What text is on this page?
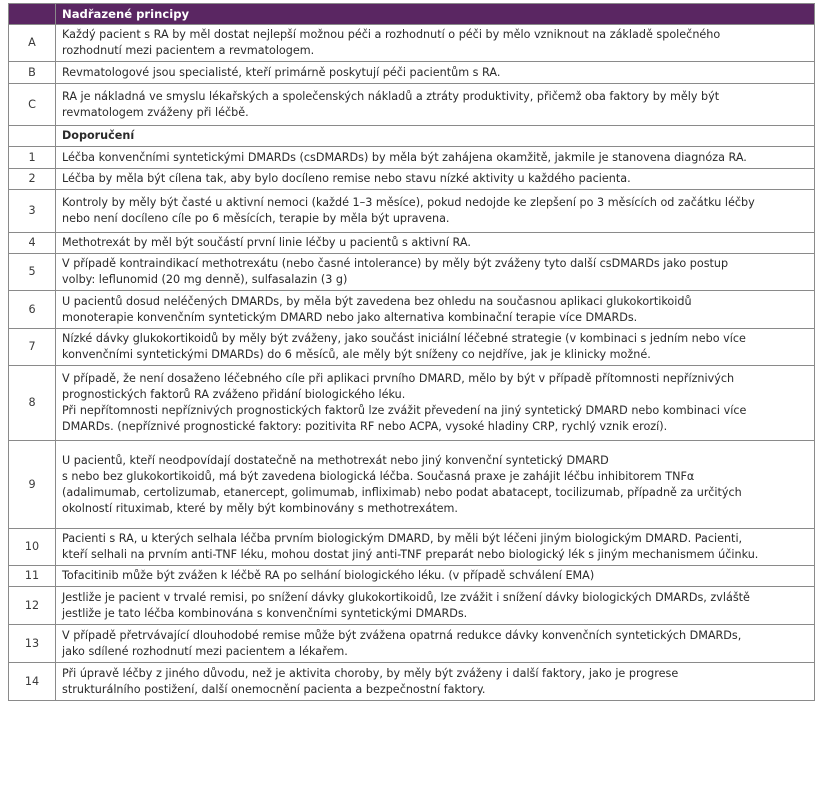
	Nadřazené principy
A	Každý pacient s RA by měl dostat nejlepší možnou péči a rozhodnutí o péči by mělo vzniknout na základě společného
rozhodnutí mezi pacientem a revmatologem.

B	Revmatologové jsou specialisté, kteří primárně poskytují péči pacientům s RA.

C	RA je nákladná ve smyslu lékařských a společenských nákladů a ztráty produktivity, přičemž oba faktory by měly být
revmatologem zváženy při léčbě.

	Doporučení
1	Léčba konvenčními syntetickými DMARDs (csDMARDs) by měla být zahájena okamžitě, jakmile je stanovena diagnóza RA.

2	Léčba by měla být cílena tak, aby bylo docíleno remise nebo stavu nízké aktivity u každého pacienta.

3	Kontroly by měly být časté u aktivní nemoci (každé 1–3 měsíce), pokud nedojde ke zlepšení po 3 měsících od začátku léčby
nebo není docíleno cíle po 6 měsících, terapie by měla být upravena.

4	Methotrexát by měl být součástí první linie léčby u pacientů s aktivní RA.

5	V případě kontraindikací methotrexátu (nebo časné intolerance) by měly být zváženy tyto další csDMARDs jako postup
volby: leflunomid (20 mg denně), sulfasalazin (3 g)

6	U pacientů dosud neléčených DMARDs, by měla být zavedena bez ohledu na současnou aplikaci glukokortikoidů
monoterapie konvenčním syntetickým DMARD nebo jako alternativa kombinační terapie více DMARDs.

7	Nízké dávky glukokortikoidů by měly být zváženy, jako součást iniciální léčebné strategie (v kombinaci s jedním nebo více
konvenčními syntetickými DMARDs) do 6 měsíců, ale měly být sníženy co nejdříve, jak je klinicky možné.

8	V případě, že není dosaženo léčebného cíle při aplikaci prvního DMARD, mělo by být v případě přítomnosti nepříznivých
prognostických faktorů RA zváženo přidání biologického léku.
Při nepřítomnosti nepříznivých prognostických faktorů lze zvážit převedení na jiný syntetický DMARD nebo kombinaci více
DMARDs. (nepříznivé prognostické faktory: pozitivita RF nebo ACPA, vysoké hladiny CRP, rychlý vznik erozí).

9	U pacientů, kteří neodpovídají dostatečně na methotrexát nebo jiný konvenční syntetický DMARD
s nebo bez glukokortikoidů, má být zavedena biologická léčba. Současná praxe je zahájit léčbu inhibitorem TNFα
(adalimumab, certolizumab, etanercept, golimumab, infliximab) nebo podat abatacept, tocilizumab, případně za určitých
okolností rituximab, které by měly být kombinovány s methotrexátem.

10	Pacienti s RA, u kterých selhala léčba prvním biologickým DMARD, by měli být léčeni jiným biologickým DMARD. Pacienti,
kteří selhali na prvním anti-TNF léku, mohou dostat jiný anti-TNF preparát nebo biologický lék s jiným mechanismem účinku.

11	Tofacitinib může být zvážen k léčbě RA po selhání biologického léku. (v případě schválení EMA)

12	Jestliže je pacient v trvalé remisi, po snížení dávky glukokortikoidů, lze zvážit i snížení dávky biologických DMARDs, zvláště
jestliže je tato léčba kombinována s konvenčními syntetickými DMARDs.

13	V případě přetrvávající dlouhodobé remise může být zvážena opatrná redukce dávky konvenčních syntetických DMARDs,
jako sdílené rozhodnutí mezi pacientem a lékařem.

14	Při úpravě léčby z jiného důvodu, než je aktivita choroby, by měly být zváženy i další faktory, jako je progrese
strukturálního postižení, další onemocnění pacienta a bezpečnostní faktory.
